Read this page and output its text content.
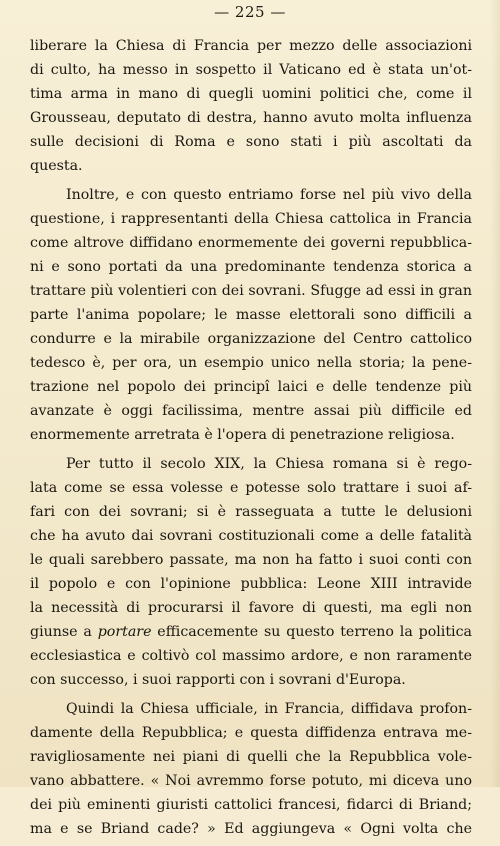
— 225 —
liberare la Chiesa di Francia per mezzo delle associazioni
di culto, ha messo in sospetto il Vaticano ed è stata un'ot-
tima arma in mano di quegli uomini politici che, come il
Grousseau, deputato di destra, hanno avuto molta influenza
sulle decisioni di Roma e sono stati i più ascoltati da
questa.
Inoltre, e con questo entriamo forse nel più vivo della
questione, i rappresentanti della Chiesa cattolica in Francia
come altrove diffidano enormemente dei governi repubblica-
ni e sono portati da una predominante tendenza storica a
trattare più volentieri con dei sovrani. Sfugge ad essi in gran
parte l'anima popolare; le masse elettorali sono difficili a
condurre e la mirabile organizzazione del Centro cattolico
tedesco è, per ora, un esempio unico nella storia; la pene-
trazione nel popolo dei principî laici e delle tendenze più
avanzate è oggi facilissima, mentre assai più difficile ed
enormemente arretrata è l'opera di penetrazione religiosa.
Per tutto il secolo XIX, la Chiesa romana si è rego-
lata come se essa volesse e potesse solo trattare i suoi af-
fari con dei sovrani; si è rasseguata a tutte le delusioni
che ha avuto dai sovrani costituzionali come a delle fatalità
le quali sarebbero passate, ma non ha fatto i suoi conti con
il popolo e con l'opinione pubblica: Leone XIII intravide
la necessità di procurarsi il favore di questi, ma egli non
giunse a portare efficacemente su questo terreno la politica
ecclesiastica e coltivò col massimo ardore, e non raramente
con successo, i suoi rapporti con i sovrani d'Europa.
Quindi la Chiesa ufficiale, in Francia, diffidava profon-
damente della Repubblica; e questa diffidenza entrava me-
ravigliosamente nei piani di quelli che la Repubblica vole-
vano abbattere. « Noi avremmo forse potuto, mi diceva uno
dei più eminenti giuristi cattolici francesi, fidarci di Briand;
ma e se Briand cade? » Ed aggiungeva « Ogni volta che
